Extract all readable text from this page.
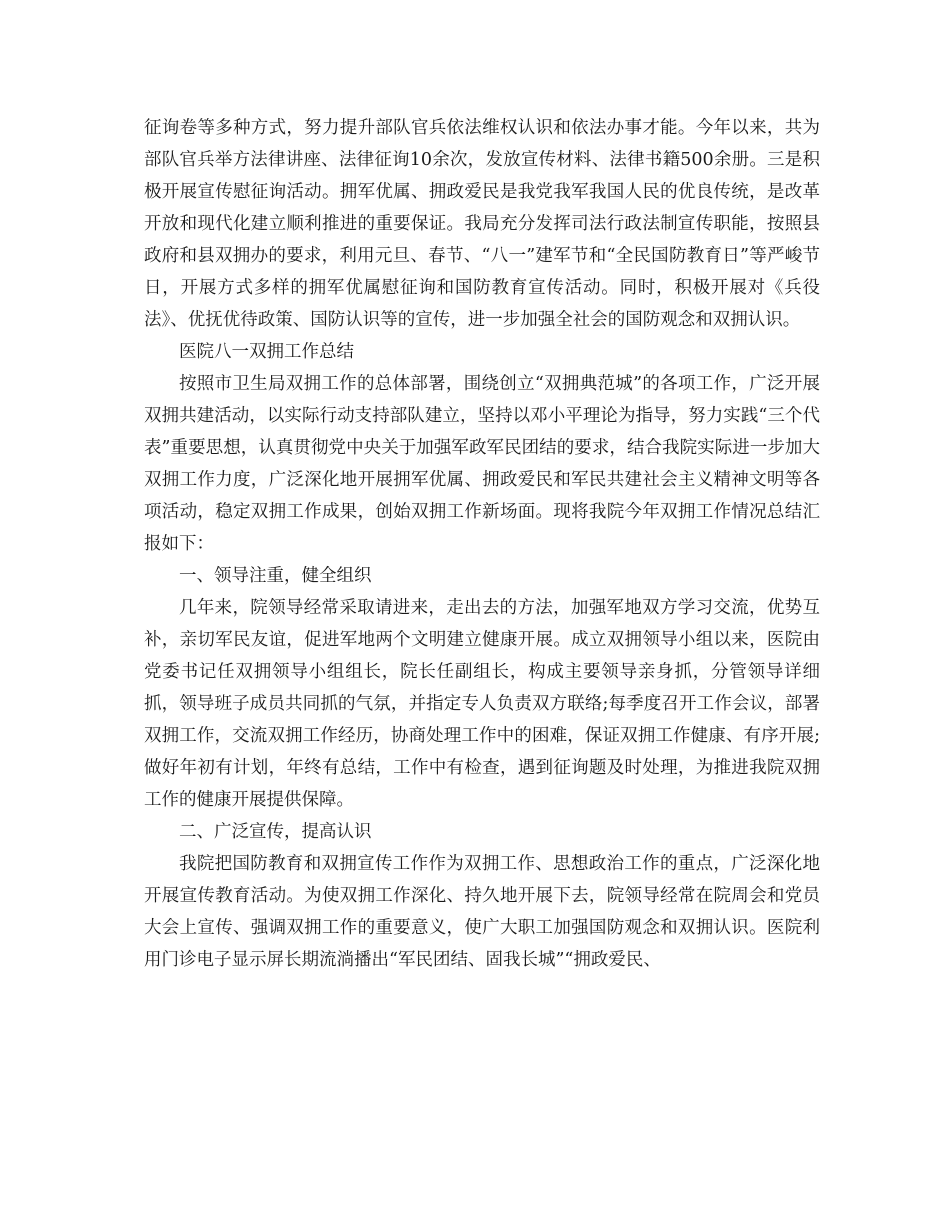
征询卷等多种方式，努力提升部队官兵依法维权认识和依法办事才能。今年以来，共为部队官兵举方法律讲座、法律征询10余次，发放宣传材料、法律书籍500余册。三是积极开展宣传慰征询活动。拥军优属、拥政爱民是我党我军我国人民的优良传统，是改革开放和现代化建立顺利推进的重要保证。我局充分发挥司法行政法制宣传职能，按照县政府和县双拥办的要求，利用元旦、春节、“八一”建军节和“全民国防教育日”等严峻节日，开展方式多样的拥军优属慰征询和国防教育宣传活动。同时，积极开展对《兵役法》、优抚优待政策、国防认识等的宣传，进一步加强全社会的国防观念和双拥认识。

医院八一双拥工作总结

按照市卫生局双拥工作的总体部署，围绕创立“双拥典范城”的各项工作，广泛开展双拥共建活动，以实际行动支持部队建立，坚持以邓小平理论为指导，努力实践“三个代表”重要思想，认真贯彻党中央关于加强军政军民团结的要求，结合我院实际进一步加大双拥工作力度，广泛深化地开展拥军优属、拥政爱民和军民共建社会主义精神文明等各项活动，稳定双拥工作成果，创始双拥工作新场面。现将我院今年双拥工作情况总结汇报如下：

一、领导注重，健全组织

几年来，院领导经常采取请进来，走出去的方法，加强军地双方学习交流，优势互补，亲切军民友谊，促进军地两个文明建立健康开展。成立双拥领导小组以来，医院由党委书记任双拥领导小组组长，院长任副组长，构成主要领导亲身抓，分管领导详细抓，领导班子成员共同抓的气氛，并指定专人负责双方联络;每季度召开工作会议，部署双拥工作，交流双拥工作经历，协商处理工作中的困难，保证双拥工作健康、有序开展;做好年初有计划，年终有总结，工作中有检查，遇到征询题及时处理，为推进我院双拥工作的健康开展提供保障。

二、广泛宣传，提高认识

我院把国防教育和双拥宣传工作作为双拥工作、思想政治工作的重点，广泛深化地开展宣传教育活动。为使双拥工作深化、持久地开展下去，院领导经常在院周会和党员大会上宣传、强调双拥工作的重要意义，使广大职工加强国防观念和双拥认识。医院利用门诊电子显示屏长期流淌播出“军民团结、固我长城”“拥政爱民、
